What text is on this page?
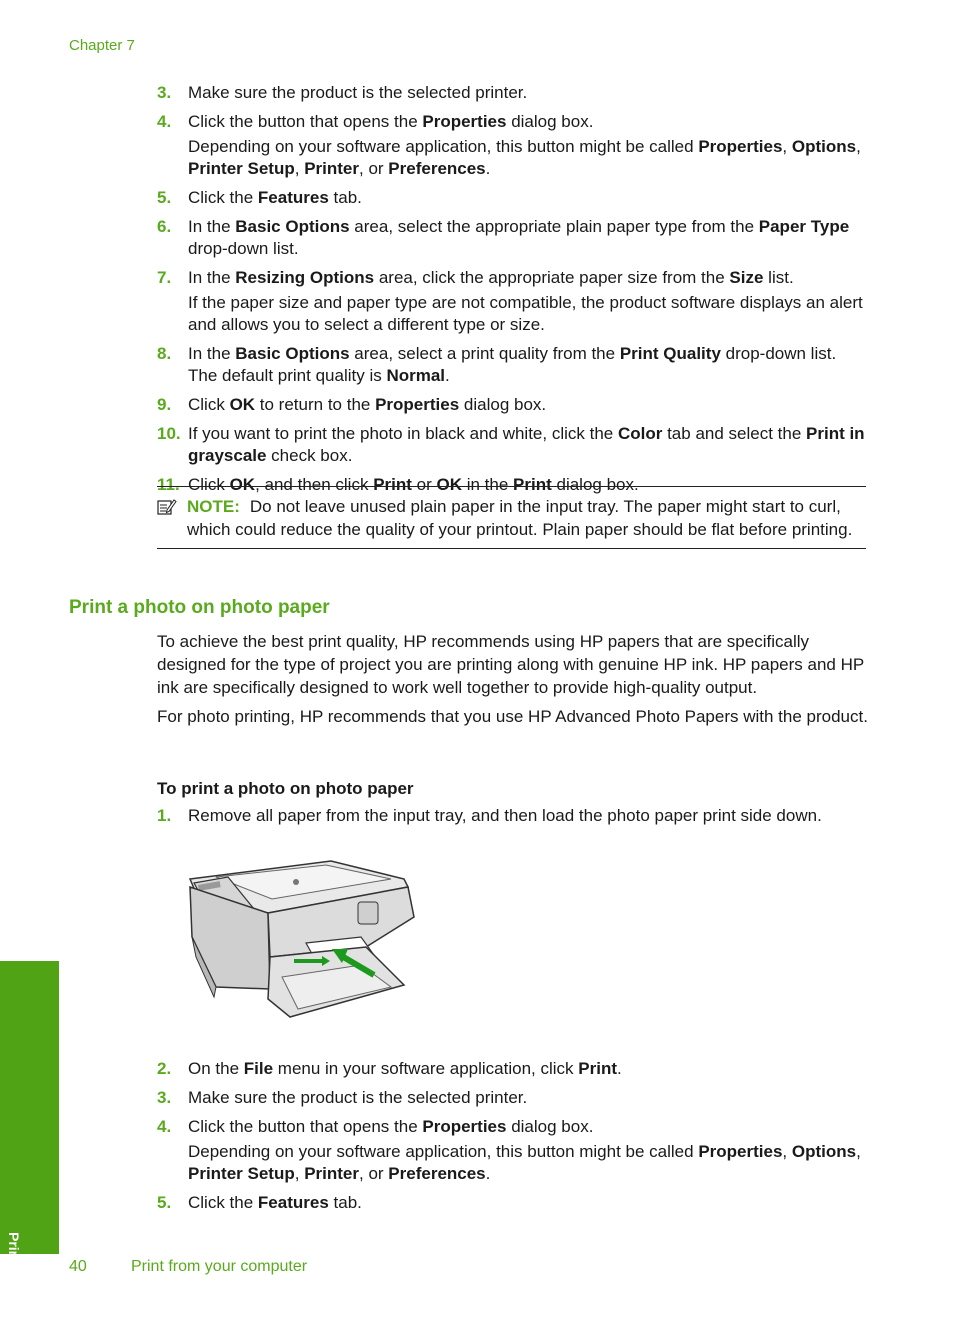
Chapter 7
3. Make sure the product is the selected printer.
4. Click the button that opens the Properties dialog box.
Depending on your software application, this button might be called Properties, Options, Printer Setup, Printer, or Preferences.
5. Click the Features tab.
6. In the Basic Options area, select the appropriate plain paper type from the Paper Type drop-down list.
7. In the Resizing Options area, click the appropriate paper size from the Size list.
If the paper size and paper type are not compatible, the product software displays an alert and allows you to select a different type or size.
8. In the Basic Options area, select a print quality from the Print Quality drop-down list. The default print quality is Normal.
9. Click OK to return to the Properties dialog box.
10. If you want to print the photo in black and white, click the Color tab and select the Print in grayscale check box.
11. Click OK, and then click Print or OK in the Print dialog box.
NOTE: Do not leave unused plain paper in the input tray. The paper might start to curl, which could reduce the quality of your printout. Plain paper should be flat before printing.
Print a photo on photo paper
To achieve the best print quality, HP recommends using HP papers that are specifically designed for the type of project you are printing along with genuine HP ink. HP papers and HP ink are specifically designed to work well together to provide high-quality output.
For photo printing, HP recommends that you use HP Advanced Photo Papers with the product.
To print a photo on photo paper
1. Remove all paper from the input tray, and then load the photo paper print side down.
2. On the File menu in your software application, click Print.
3. Make sure the product is the selected printer.
4. Click the button that opens the Properties dialog box.
Depending on your software application, this button might be called Properties, Options, Printer Setup, Printer, or Preferences.
5. Click the Features tab.
Print
40	Print from your computer
